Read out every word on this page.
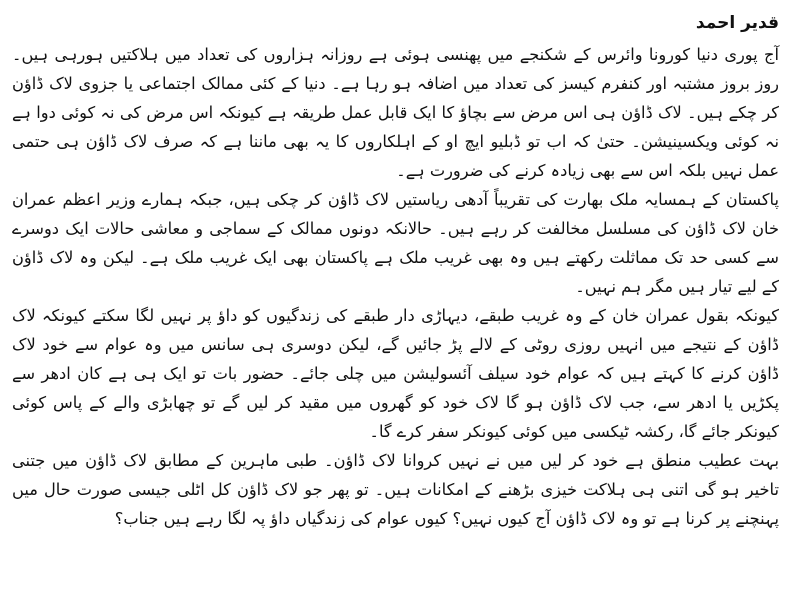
قدیر احمد

آج پوری دنیا کورونا وائرس کے شکنجے میں پھنسی ہوئی ہے روزانہ ہزاروں کی تعداد میں ہلاکتیں ہورہی ہیں۔ روز بروز مشتبہ اور کنفرم کیسز کی تعداد میں اضافہ ہو رہا ہے۔ دنیا کے کئی ممالک اجتماعی یا جزوی لاک ڈاؤن کر چکے ہیں۔ لاک ڈاؤن ہی اس مرض سے بچاؤ کا ایک قابل عمل طریقہ ہے کیونکہ اس مرض کی نہ کوئی دوا ہے نہ کوئی ویکسینیشن۔ حتیٰ کہ اب تو ڈبلیو ایچ او کے اہلکاروں کا یہ بھی ماننا ہے کہ صرف لاک ڈاؤن ہی حتمی عمل نہیں بلکہ اس سے بھی زیادہ کرنے کی ضرورت ہے۔

پاکستان کے ہمسایہ ملک بھارت کی تقریباً آدھی ریاستیں لاک ڈاؤن کر چکی ہیں، جبکہ ہمارے وزیر اعظم عمران خان لاک ڈاؤن کی مسلسل مخالفت کر رہے ہیں۔ حالانکہ دونوں ممالک کے سماجی و معاشی حالات ایک دوسرے سے کسی حد تک مماثلت رکھتے ہیں وہ بھی غریب ملک ہے پاکستان بھی ایک غریب ملک ہے۔ لیکن وہ لاک ڈاؤن کے لیے تیار ہیں مگر ہم نہیں۔

کیونکہ بقول عمران خان کے وہ غریب طبقے، دیہاڑی دار طبقے کی زندگیوں کو داؤ پر نہیں لگا سکتے کیونکہ لاک ڈاؤن کے نتیجے میں انہیں روزی روٹی کے لالے پڑ جائیں گے، لیکن دوسری ہی سانس میں وہ عوام سے خود لاک ڈاؤن کرنے کا کہتے ہیں کہ عوام خود سیلف آئسولیشن میں چلی جائے۔ حضور بات تو ایک ہی ہے کان ادھر سے پکڑیں یا ادھر سے، جب لاک ڈاؤن ہو گا لاک خود کو گھروں میں مقید کر لیں گے تو چھابڑی والے کے پاس کوئی کیونکر جائے گا، رکشہ ٹیکسی میں کوئی کیونکر سفر کرے گا۔

بہت عطیب منطق ہے خود کر لیں میں نے نہیں کروانا لاک ڈاؤن۔ طبی ماہرین کے مطابق لاک ڈاؤن میں جتنی تاخیر ہو گی اتنی ہی ہلاکت خیزی بڑھنے کے امکانات ہیں۔ تو پھر جو لاک ڈاؤن کل اٹلی جیسی صورت حال میں پہنچنے پر کرنا ہے تو وہ لاک ڈاؤن آج کیوں نہیں؟ کیوں عوام کی زندگیاں داؤ پہ لگا رہے ہیں جناب؟
